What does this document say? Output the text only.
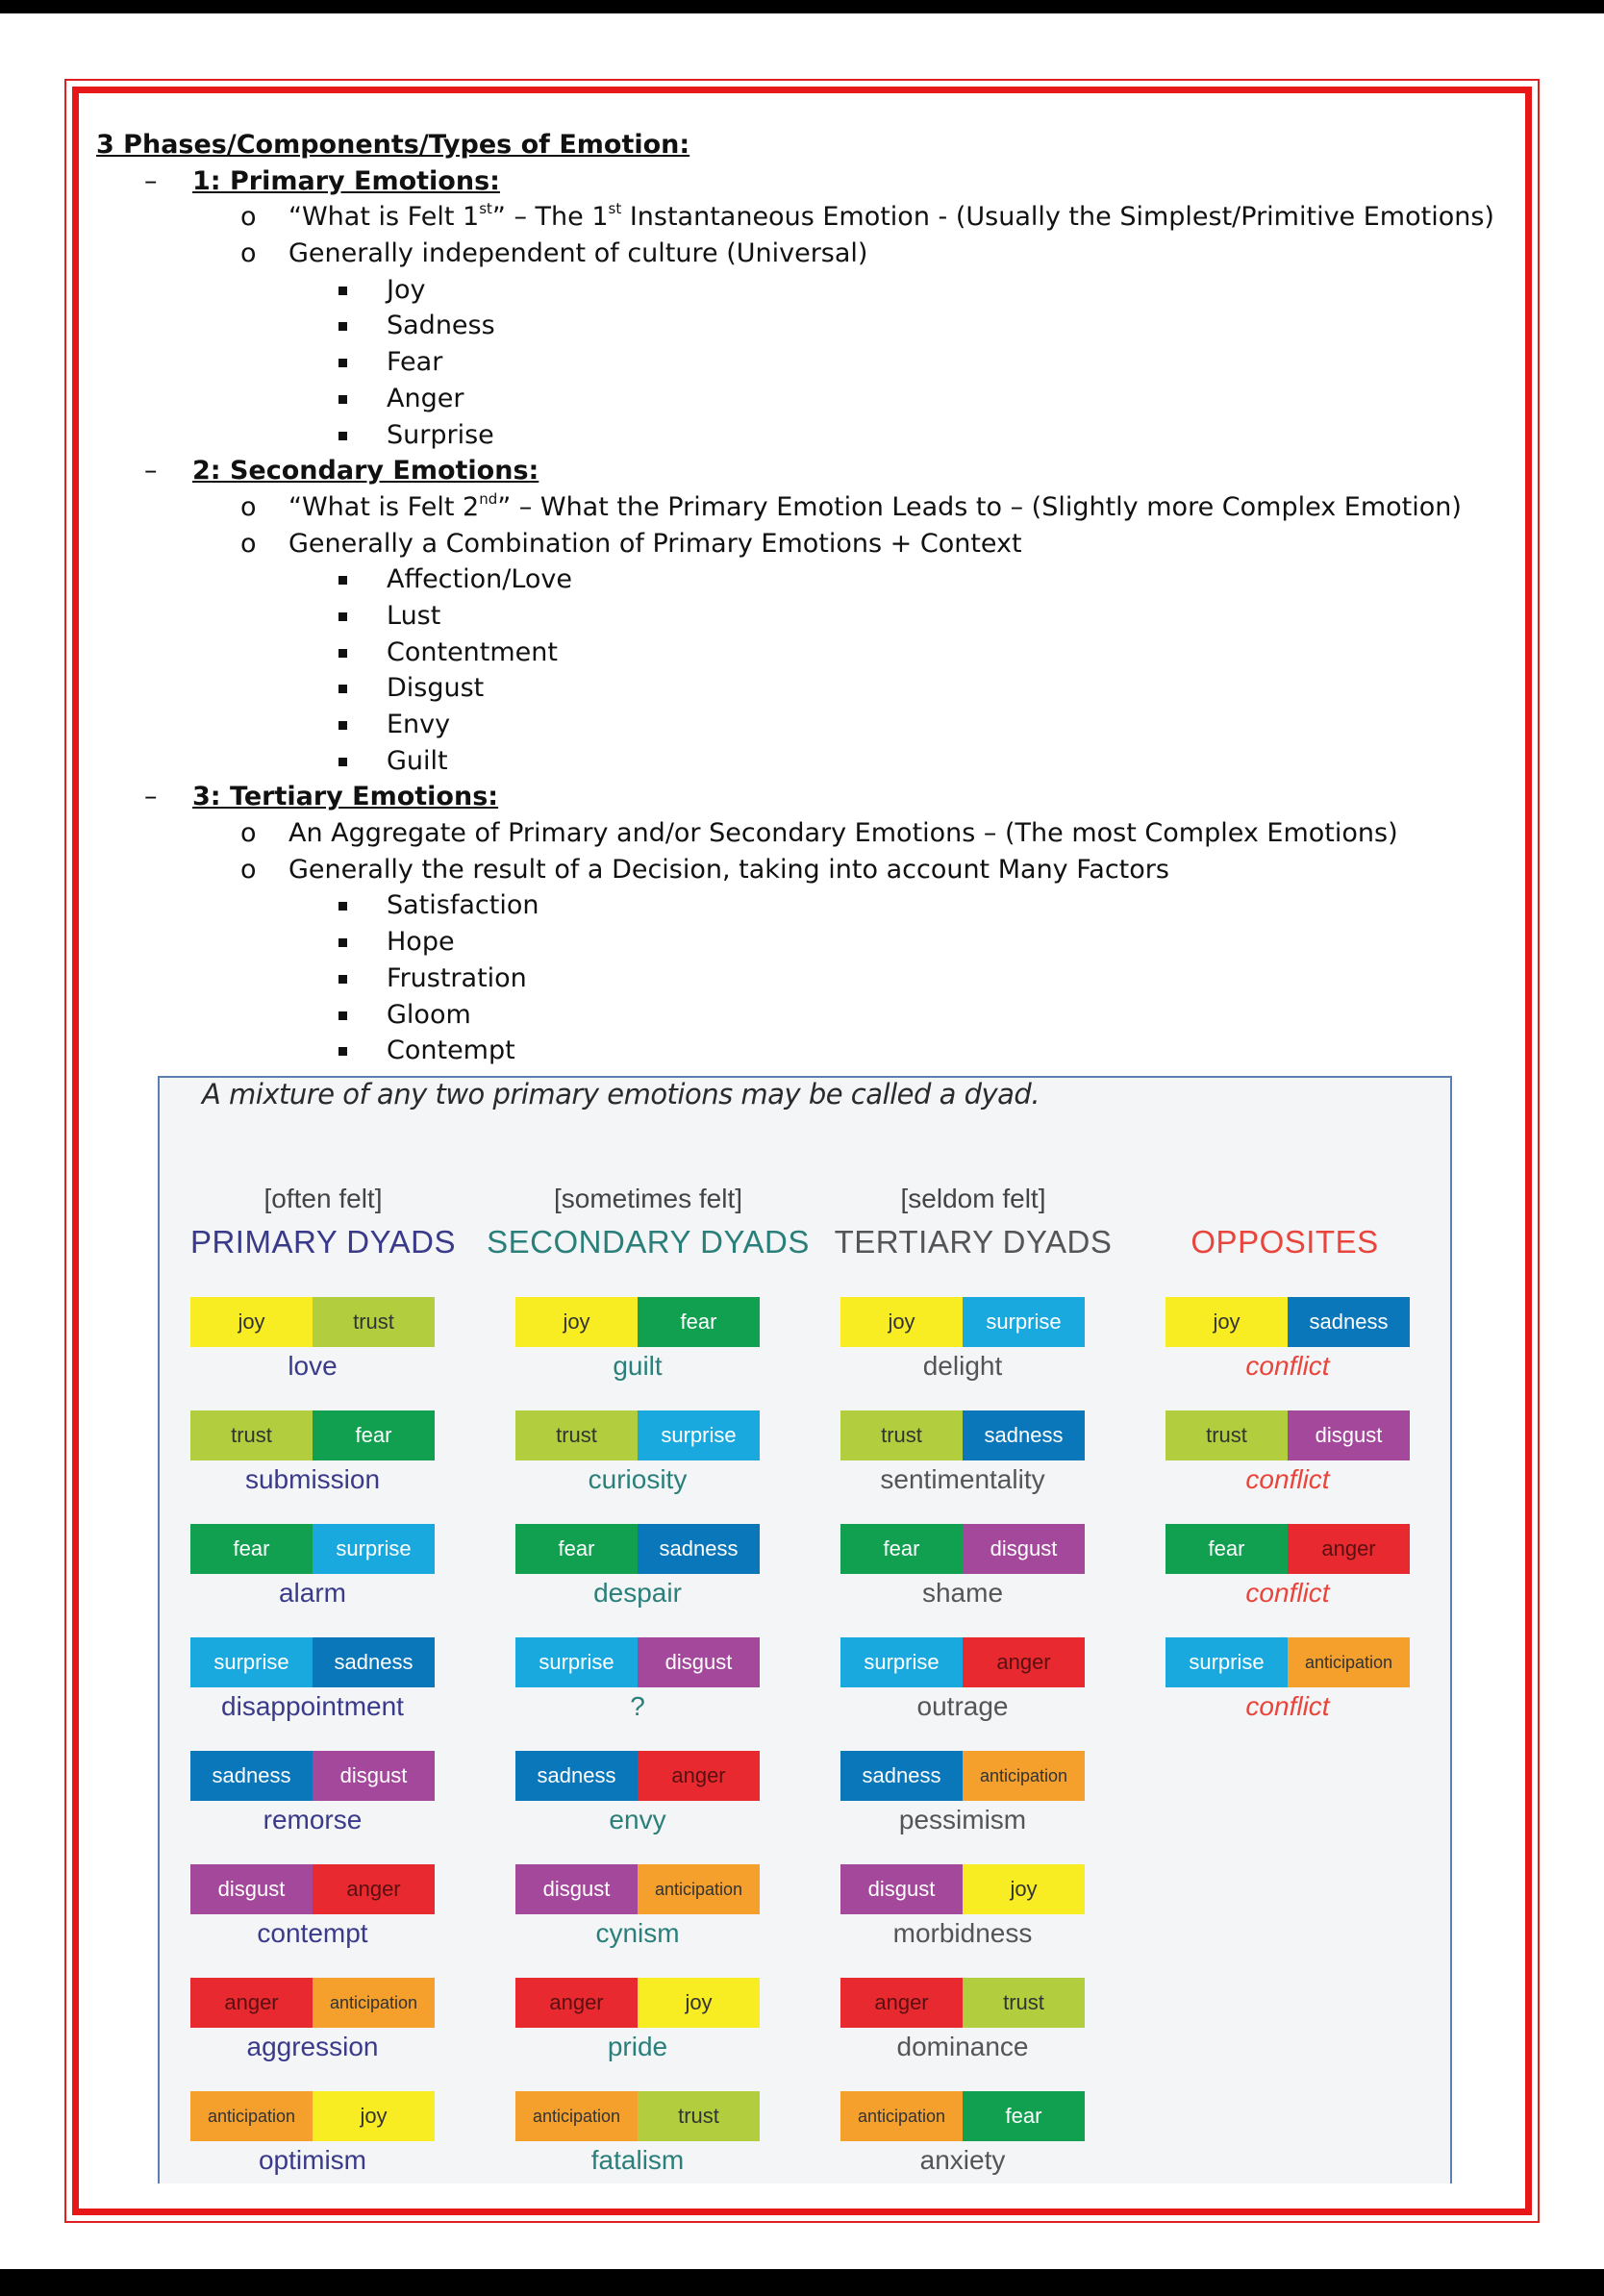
3 Phases/Components/Types of Emotion:
– 1: Primary Emotions:
o “What is Felt 1st” – The 1st Instantaneous Emotion - (Usually the Simplest/Primitive Emotions)
o Generally independent of culture (Universal)
Joy
Sadness
Fear
Anger
Surprise
– 2: Secondary Emotions:
o “What is Felt 2nd” – What the Primary Emotion Leads to – (Slightly more Complex Emotion)
o Generally a Combination of Primary Emotions + Context
Affection/Love
Lust
Contentment
Disgust
Envy
Guilt
– 3: Tertiary Emotions:
o An Aggregate of Primary and/or Secondary Emotions – (The most Complex Emotions)
o Generally the result of a Decision, taking into account Many Factors
Satisfaction
Hope
Frustration
Gloom
Contempt
A mixture of any two primary emotions may be called a dyad.
[often felt]
PRIMARY DYADS
joy	trust
love
trust	fear
submission
fear	surprise
alarm
surprise	sadness
disappointment
sadness	disgust
remorse
disgust	anger
contempt
anger	anticipation
aggression
anticipation	joy
optimism
[sometimes felt]
SECONDARY DYADS
joy	fear
guilt
trust	surprise
curiosity
fear	sadness
despair
surprise	disgust
?
sadness	anger
envy
disgust	anticipation
cynism
anger	joy
pride
anticipation	trust
fatalism
[seldom felt]
TERTIARY DYADS
joy	surprise
delight
trust	sadness
sentimentality
fear	disgust
shame
surprise	anger
outrage
sadness	anticipation
pessimism
disgust	joy
morbidness
anger	trust
dominance
anticipation	fear
anxiety
OPPOSITES
joy	sadness
conflict
trust	disgust
conflict
fear	anger
conflict
surprise	anticipation
conflict
